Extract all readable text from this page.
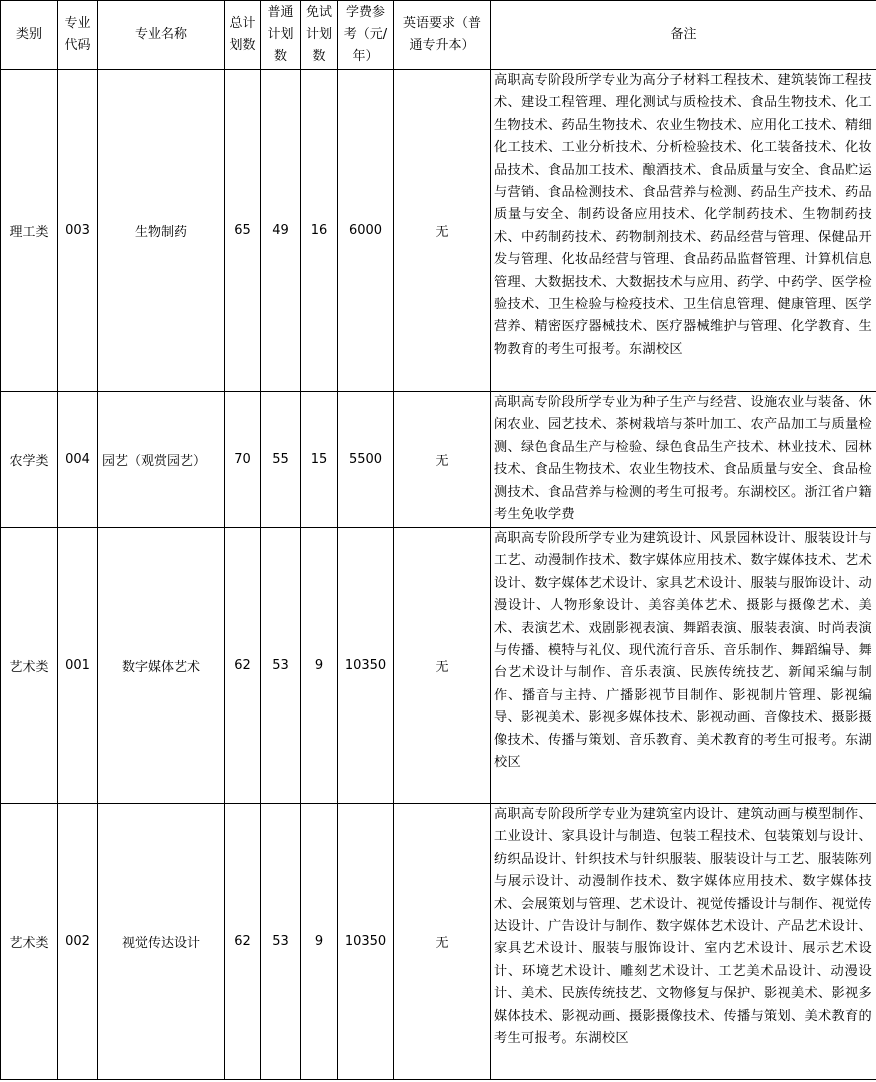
类别	专业代码	专业名称	总计划数	普通计划数	免试计划数	学费参考（元/年）	英语要求（普通专升本）	备注
理工类	003	生物制药	65	49	16	6000	无	高职高专阶段所学专业为高分子材料工程技术、建筑装饰工程技术、建设工程管理、理化测试与质检技术、食品生物技术、化工生物技术、药品生物技术、农业生物技术、应用化工技术、精细化工技术、工业分析技术、分析检验技术、化工装备技术、化妆品技术、食品加工技术、酿酒技术、食品质量与安全、食品贮运与营销、食品检测技术、食品营养与检测、药品生产技术、药品质量与安全、制药设备应用技术、化学制药技术、生物制药技术、中药制药技术、药物制剂技术、药品经营与管理、保健品开发与管理、化妆品经营与管理、食品药品监督管理、计算机信息管理、大数据技术、大数据技术与应用、药学、中药学、医学检验技术、卫生检验与检疫技术、卫生信息管理、健康管理、医学营养、精密医疗器械技术、医疗器械维护与管理、化学教育、生物教育的考生可报考。东湖校区
农学类	004	园艺（观赏园艺）	70	55	15	5500	无	高职高专阶段所学专业为种子生产与经营、设施农业与装备、休闲农业、园艺技术、茶树栽培与茶叶加工、农产品加工与质量检测、绿色食品生产与检验、绿色食品生产技术、林业技术、园林技术、食品生物技术、农业生物技术、食品质量与安全、食品检测技术、食品营养与检测的考生可报考。东湖校区。浙江省户籍考生免收学费
艺术类	001	数字媒体艺术	62	53	9	10350	无	高职高专阶段所学专业为建筑设计、风景园林设计、服装设计与工艺、动漫制作技术、数字媒体应用技术、数字媒体技术、艺术设计、数字媒体艺术设计、家具艺术设计、服装与服饰设计、动漫设计、人物形象设计、美容美体艺术、摄影与摄像艺术、美术、表演艺术、戏剧影视表演、舞蹈表演、服装表演、时尚表演与传播、模特与礼仪、现代流行音乐、音乐制作、舞蹈编导、舞台艺术设计与制作、音乐表演、民族传统技艺、新闻采编与制作、播音与主持、广播影视节目制作、影视制片管理、影视编导、影视美术、影视多媒体技术、影视动画、音像技术、摄影摄像技术、传播与策划、音乐教育、美术教育的考生可报考。东湖校区
艺术类	002	视觉传达设计	62	53	9	10350	无	高职高专阶段所学专业为建筑室内设计、建筑动画与模型制作、工业设计、家具设计与制造、包装工程技术、包装策划与设计、纺织品设计、针织技术与针织服装、服装设计与工艺、服装陈列与展示设计、动漫制作技术、数字媒体应用技术、数字媒体技术、会展策划与管理、艺术设计、视觉传播设计与制作、视觉传达设计、广告设计与制作、数字媒体艺术设计、产品艺术设计、家具艺术设计、服装与服饰设计、室内艺术设计、展示艺术设计、环境艺术设计、雕刻艺术设计、工艺美术品设计、动漫设计、美术、民族传统技艺、文物修复与保护、影视美术、影视多媒体技术、影视动画、摄影摄像技术、传播与策划、美术教育的考生可报考。东湖校区
